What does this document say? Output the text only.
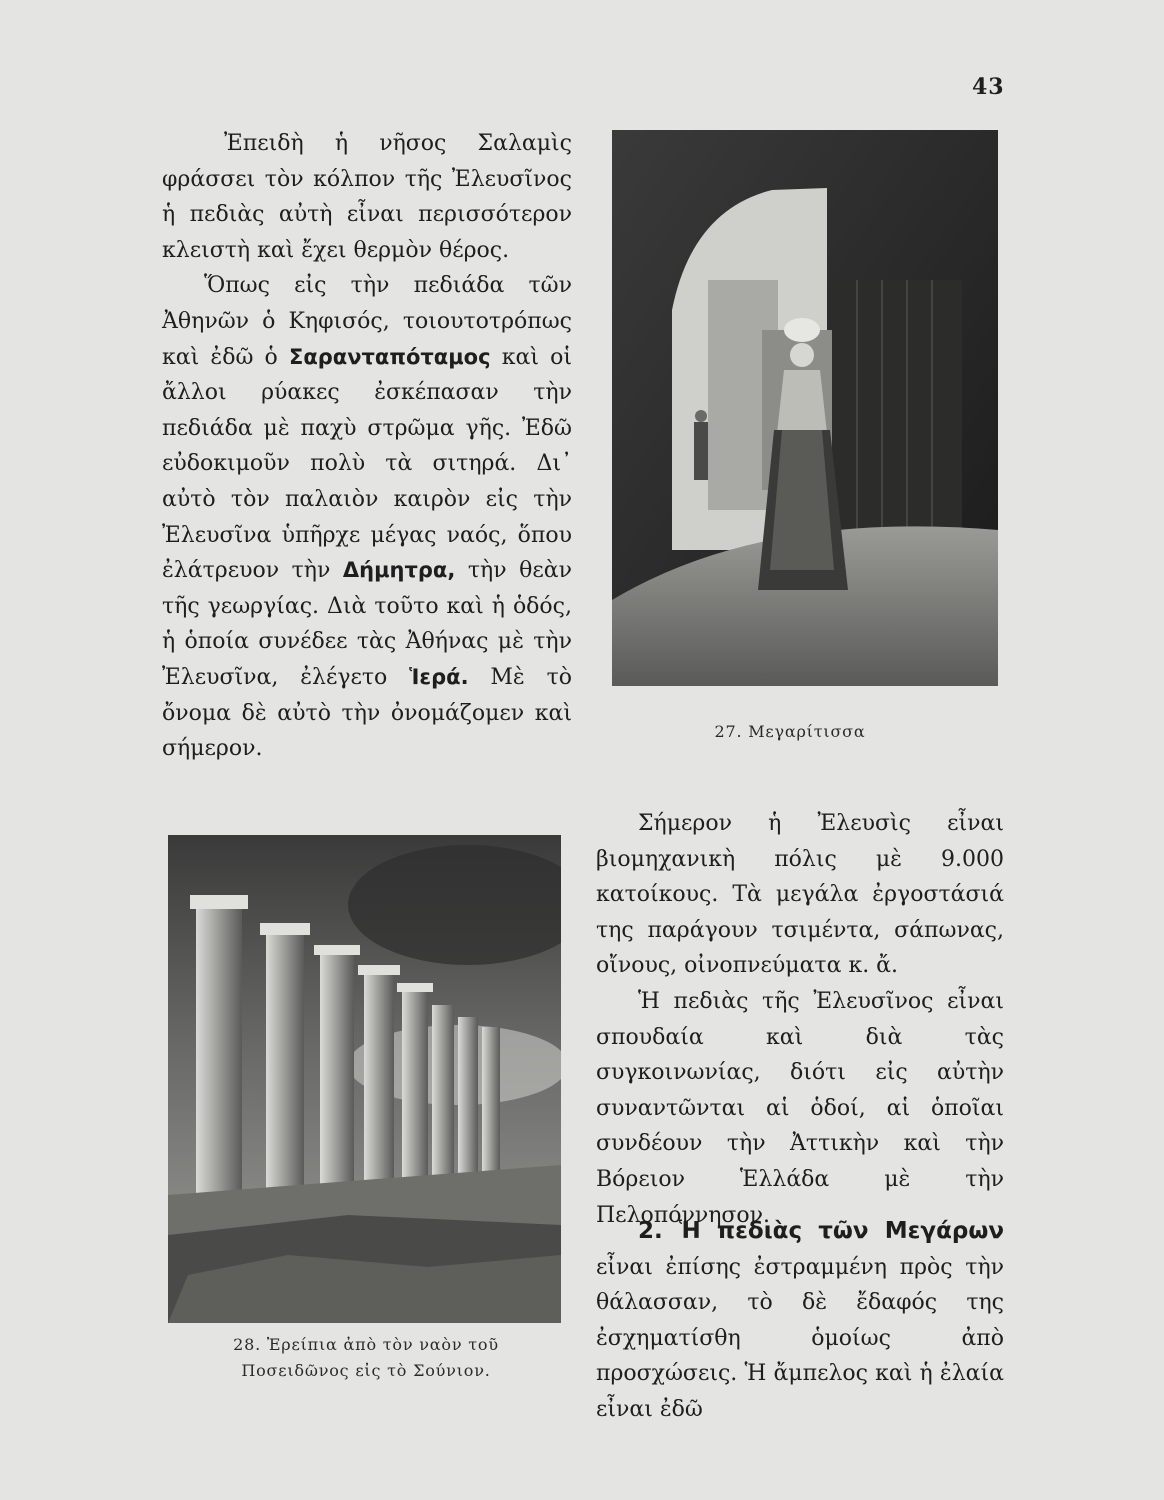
43
Ἐπειδὴ ἡ νῆσος Σαλαμὶς φράσσει τὸν κόλπον τῆς Ἐλευσῖνος ἡ πεδιὰς αὐτὴ εἶναι περισσότερον κλειστὴ καὶ ἔχει θερμὸν θέρος.
Ὅπως εἰς τὴν πεδιάδα τῶν Ἀθηνῶν ὁ Κηφισός, τοιουτοτρόπως καὶ ἐδῶ ὁ Σαρανταπόταμος καὶ οἱ ἄλλοι ρύακες ἐσκέπασαν τὴν πεδιάδα μὲ παχὺ στρῶμα γῆς. Ἐδῶ εὐδοκιμοῦν πολὺ τὰ σιτηρά. Δι᾽ αὐτὸ τὸν παλαιὸν καιρὸν εἰς τὴν Ἐλευσῖνα ὑπῆρχε μέγας ναός, ὅπου ἐλάτρευον τὴν Δήμητρα, τὴν θεὰν τῆς γεωργίας. Διὰ τοῦτο καὶ ἡ ὁδός, ἡ ὁποία συνέδεε τὰς Ἀθήνας μὲ τὴν Ἐλευσῖνα, ἐλέγετο Ἱερά. Μὲ τὸ ὄνομα δὲ αὐτὸ τὴν ὀνομάζομεν καὶ σήμερον.
27. Μεγαρίτισσα
Σήμερον ἡ Ἐλευσὶς εἶναι βιομηχανικὴ πόλις μὲ 9.000 κατοίκους. Τὰ μεγάλα ἐργοστάσιά της παράγουν τσιμέντα, σάπωνας, οἴνους, οἰνοπνεύματα κ. ἄ.
Ἡ πεδιὰς τῆς Ἐλευσῖνος εἶναι σπουδαία καὶ διὰ τὰς συγκοινωνίας, διότι εἰς αὐτὴν συναντῶνται αἱ ὁδοί, αἱ ὁποῖαι συνδέουν τὴν Ἀττικὴν καὶ τὴν Βόρειον Ἑλλάδα μὲ τὴν Πελοπόννησον.
2. Ἡ πεδιὰς τῶν Μεγάρων εἶναι ἐπίσης ἐστραμμένη πρὸς τὴν θάλασσαν, τὸ δὲ ἔδαφός της ἐσχηματίσθη ὁμοίως ἀπὸ προσχώσεις. Ἡ ἄμπελος καὶ ἡ ἐλαία εἶναι ἐδῶ
28. Ἐρείπια ἀπὸ τὸν ναὸν τοῦ
Ποσειδῶνος εἰς τὸ Σούνιον.
